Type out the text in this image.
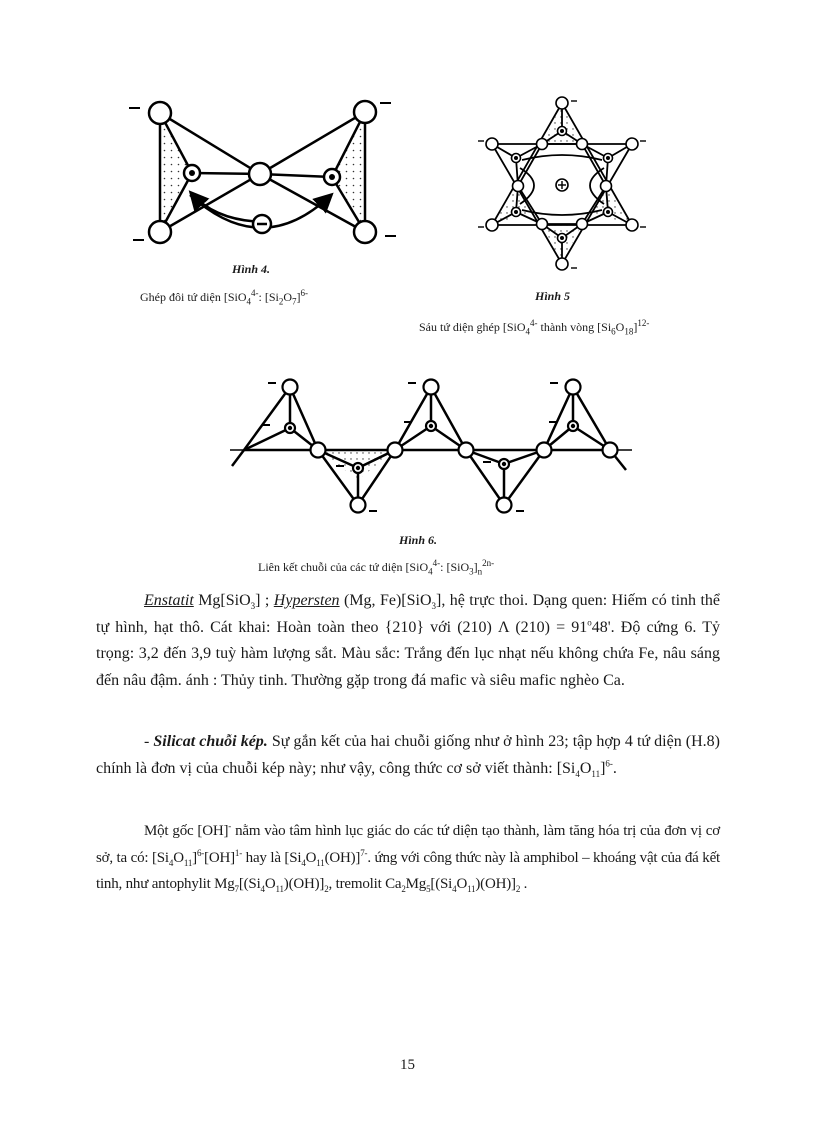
Hình 4.
Ghép đôi tứ diện [SiO$_4^{4-}$: $[Si_2O_7]^{6-}$	Hình 5
Sáu tứ diện ghép [SiO$_4^{4-}$ thành vòng $[Si_6O_{18}]^{12-}$
Hình 6.
Liên kết chuỗi của các tứ diện [SiO$_4^{4-}$: $[SiO_3]_n^{2n-}$

Enstatit Mg[SiO$_3$] ; Hypersten (Mg, Fe)[SiO$_3$], hệ trực thoi. Dạng quen: Hiếm có tinh thể tự hình, hạt thô. Cát khai: Hoàn toàn theo {210} với (210) Λ $(210) = 91^o48'$. Độ cứng 6. Tỷ trọng: 3,2 đến 3,9 tuỳ hàm lượng sắt. Màu sắc: Trắng đến lục nhạt nếu không chứa Fe, nâu sáng đến nâu đậm. ánh : Thủy tinh. Thường gặp trong đá mafic và siêu mafic nghèo Ca.

- Silicat chuỗi kép. Sự gắn kết của hai chuỗi giống như ở hình 23; tập hợp 4 tứ diện (H.8) chính là đơn vị của chuỗi kép này; như vậy, công thức cơ sở viết thành: $[Si_4O_{11}]^{6-}$.

Một gốc [OH]- nằm vào tâm hình lục giác do các tứ diện tạo thành, làm tăng hóa trị của đơn vị cơ sở, ta có: $[Si_4O_{11}]^{6-}[OH]^{1-}$ hay là $[Si_4O_{11}(OH)]^{7-}$. ứng với công thức này là amphibol – khoáng vật của đá kết tinh, như antophylit $Mg_7[(Si_4O_{11})(OH)]_2$, tremolit $Ca_2Mg_5[(Si_4O_{11})(OH)]_2$ .

15
